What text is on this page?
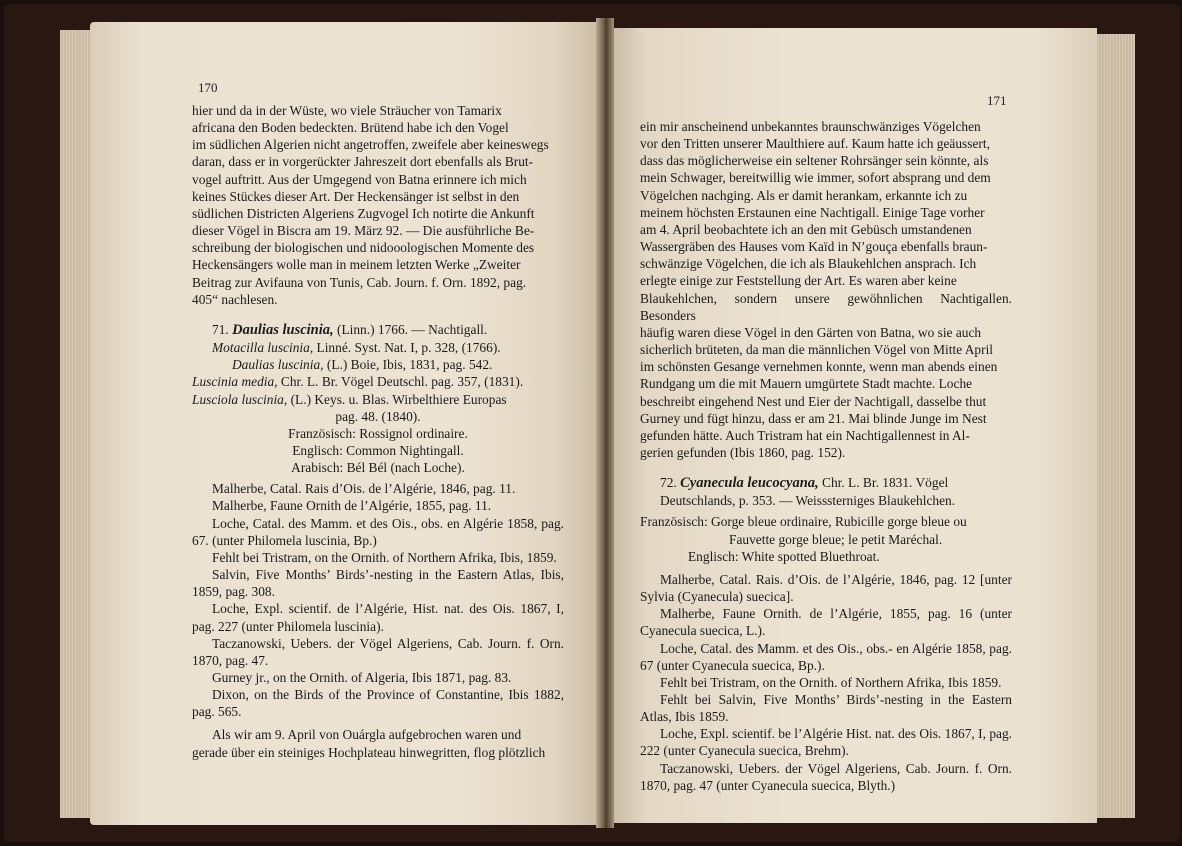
170

hier und da in der Wüste, wo viele Sträucher von Tamarix

africana den Boden bedeckten. Brütend habe ich den Vogel

im südlichen Algerien nicht angetroffen, zweifele aber keineswegs

daran, dass er in vorgerückter Jahreszeit dort ebenfalls als Brut-

vogel auftritt. Aus der Umgegend von Batna erinnere ich mich

keines Stückes dieser Art. Der Heckensänger ist selbst in den

südlichen Districten Algeriens Zugvogel Ich notirte die Ankunft

dieser Vögel in Biscra am 19. März 92. — Die ausführliche Be-

schreibung der biologischen und nidooologischen Momente des

Heckensängers wolle man in meinem letzten Werke „Zweiter

Beitrag zur Avifauna von Tunis, Cab. Journ. f. Orn. 1892, pag.

405“ nachlesen.

71. Daulias luscinia, (Linn.) 1766. — Nachtigall.

Motacilla luscinia, Linné. Syst. Nat. I, p. 328, (1766).

Daulias luscinia, (L.) Boie, Ibis, 1831, pag. 542.

Luscinia media, Chr. L. Br. Vögel Deutschl. pag. 357, (1831).

Lusciola luscinia, (L.) Keys. u. Blas. Wirbelthiere Europas

pag. 48. (1840).

Französisch: Rossignol ordinaire.

Englisch: Common Nightingall.

Arabisch: Bél Bél (nach Loche).

Malherbe, Catal. Rais d’Ois. de l’Algérie, 1846, pag. 11.

Malherbe, Faune Ornith de l’Algérie, 1855, pag. 11.

Loche, Catal. des Mamm. et des Ois., obs. en Algérie 1858, pag. 67. (unter Philomela luscinia, Bp.)

Fehlt bei Tristram, on the Ornith. of Northern Afrika, Ibis, 1859.

Salvin, Five Months’ Birds’-nesting in the Eastern Atlas, Ibis, 1859, pag. 308.

Loche, Expl. scientif. de l’Algérie, Hist. nat. des Ois. 1867, I, pag. 227 (unter Philomela luscinia).

Taczanowski, Uebers. der Vögel Algeriens, Cab. Journ. f. Orn. 1870, pag. 47.

Gurney jr., on the Ornith. of Algeria, Ibis 1871, pag. 83.

Dixon, on the Birds of the Province of Constantine, Ibis 1882, pag. 565.

Als wir am 9. April von Ouárgla aufgebrochen waren und

gerade über ein steiniges Hochplateau hinwegritten, flog plötzlich

171

ein mir anscheinend unbekanntes braunschwänziges Vögelchen

vor den Tritten unserer Maulthiere auf. Kaum hatte ich geäussert,

dass das möglicherweise ein seltener Rohrsänger sein könnte, als

mein Schwager, bereitwillig wie immer, sofort absprang und dem

Vögelchen nachging. Als er damit herankam, erkannte ich zu

meinem höchsten Erstaunen eine Nachtigall. Einige Tage vorher

am 4. April beobachtete ich an den mit Gebüsch umstandenen

Wassergräben des Hauses vom Kaïd in N’gouça ebenfalls braun-

schwänzige Vögelchen, die ich als Blaukehlchen ansprach. Ich

erlegte einige zur Feststellung der Art. Es waren aber keine

Blaukehlchen, sondern unsere gewöhnlichen Nachtigallen. Besonders

häufig waren diese Vögel in den Gärten von Batna, wo sie auch

sicherlich brüteten, da man die männlichen Vögel von Mitte April

im schönsten Gesange vernehmen konnte, wenn man abends einen

Rundgang um die mit Mauern umgürtete Stadt machte. Loche

beschreibt eingehend Nest und Eier der Nachtigall, dasselbe thut

Gurney und fügt hinzu, dass er am 21. Mai blinde Junge im Nest

gefunden hätte. Auch Tristram hat ein Nachtigallennest in Al-

gerien gefunden (Ibis 1860, pag. 152).

72. Cyanecula leucocyana, Chr. L. Br. 1831. Vögel

Deutschlands, p. 353. — Weisssterniges Blaukehlchen.

Französisch: Gorge bleue ordinaire, Rubicille gorge bleue ou

Fauvette gorge bleue; le petit Maréchal.

Englisch: White spotted Bluethroat.

Malherbe, Catal. Rais. d’Ois. de l’Algérie, 1846, pag. 12 [unter Sylvia (Cyanecula) suecica].

Malherbe, Faune Ornith. de l’Algérie, 1855, pag. 16 (unter Cyanecula suecica, L.).

Loche, Catal. des Mamm. et des Ois., obs.- en Algérie 1858, pag. 67 (unter Cyanecula suecica, Bp.).

Fehlt bei Tristram, on the Ornith. of Northern Afrika, Ibis 1859.

Fehlt bei Salvin, Five Months’ Birds’-nesting in the Eastern Atlas, Ibis 1859.

Loche, Expl. scientif. be l’Algérie Hist. nat. des Ois. 1867, I, pag. 222 (unter Cyanecula suecica, Brehm).

Taczanowski, Uebers. der Vögel Algeriens, Cab. Journ. f. Orn. 1870, pag. 47 (unter Cyanecula suecica, Blyth.)
